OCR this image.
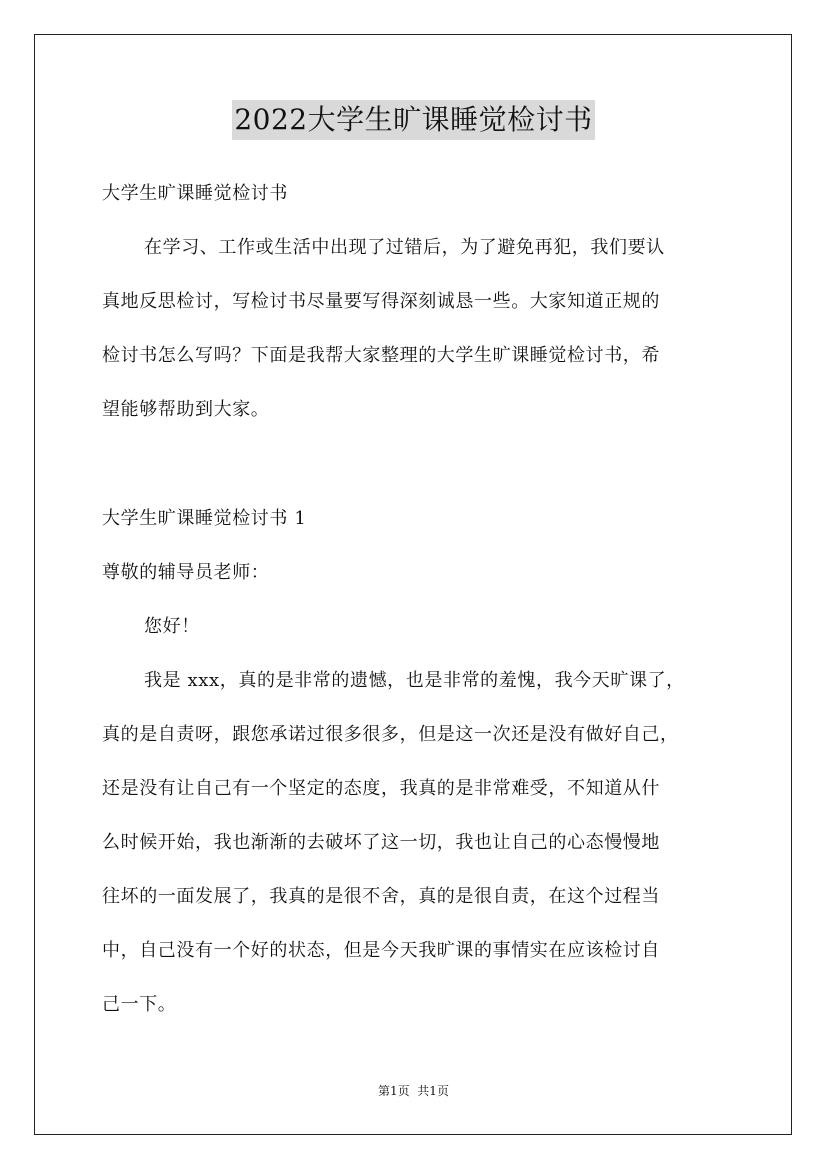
2022大学生旷课睡觉检讨书
大学生旷课睡觉检讨书
在学习、工作或生活中出现了过错后，为了避免再犯，我们要认
真地反思检讨，写检讨书尽量要写得深刻诚恳一些。大家知道正规的
检讨书怎么写吗？下面是我帮大家整理的大学生旷课睡觉检讨书，希
望能够帮助到大家。
大学生旷课睡觉检讨书 1
尊敬的辅导员老师：
您好！
我是 xxx，真的是非常的遗憾，也是非常的羞愧，我今天旷课了，
真的是自责呀，跟您承诺过很多很多，但是这一次还是没有做好自己，
还是没有让自己有一个坚定的态度，我真的是非常难受，不知道从什
么时候开始，我也渐渐的去破坏了这一切，我也让自己的心态慢慢地
往坏的一面发展了，我真的是很不舍，真的是很自责，在这个过程当
中，自己没有一个好的状态，但是今天我旷课的事情实在应该检讨自
己一下。
第1页  共1页
